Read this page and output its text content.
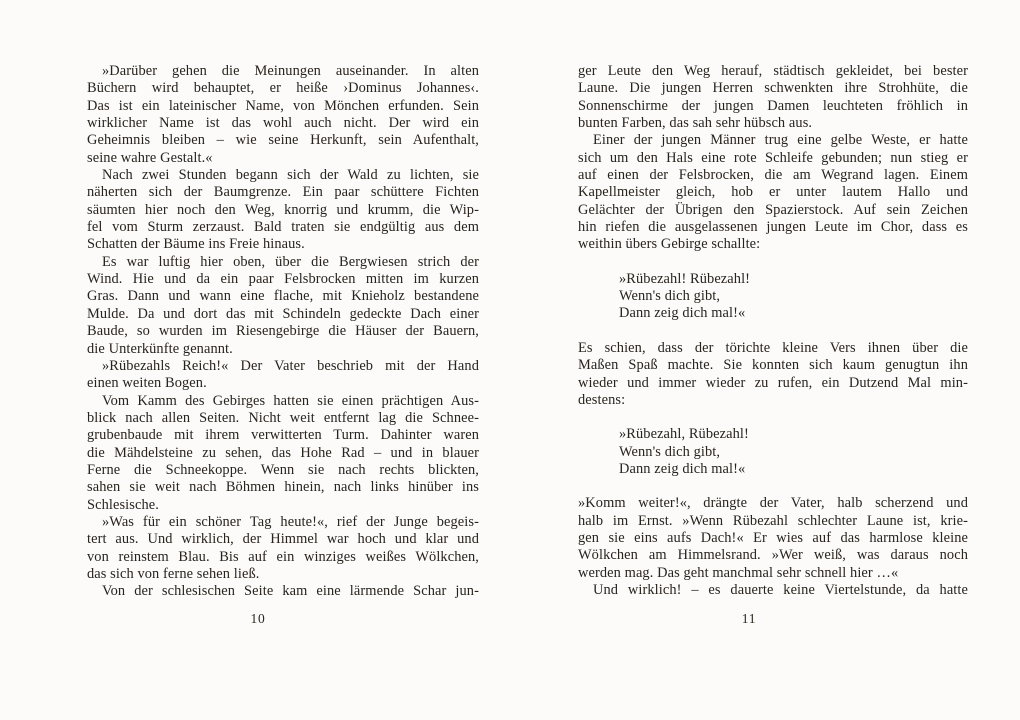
»Darüber gehen die Meinungen auseinander. In alten
Büchern wird behauptet, er heiße ›Dominus Johannes‹.
Das ist ein lateinischer Name, von Mönchen erfunden. Sein
wirklicher Name ist das wohl auch nicht. Der wird ein
Geheimnis bleiben – wie seine Herkunft, sein Aufenthalt,
seine wahre Gestalt.«
Nach zwei Stunden begann sich der Wald zu lichten, sie
näherten sich der Baumgrenze. Ein paar schüttere Fichten
säumten hier noch den Weg, knorrig und krumm, die Wip-
fel vom Sturm zerzaust. Bald traten sie endgültig aus dem
Schatten der Bäume ins Freie hinaus.
Es war luftig hier oben, über die Bergwiesen strich der
Wind. Hie und da ein paar Felsbrocken mitten im kurzen
Gras. Dann und wann eine flache, mit Knieholz bestandene
Mulde. Da und dort das mit Schindeln gedeckte Dach einer
Baude, so wurden im Riesengebirge die Häuser der Bauern,
die Unterkünfte genannt.
»Rübezahls Reich!« Der Vater beschrieb mit der Hand
einen weiten Bogen.
Vom Kamm des Gebirges hatten sie einen prächtigen Aus-
blick nach allen Seiten. Nicht weit entfernt lag die Schnee-
grubenbaude mit ihrem verwitterten Turm. Dahinter waren
die Mähdelsteine zu sehen, das Hohe Rad – und in blauer
Ferne die Schneekoppe. Wenn sie nach rechts blickten,
sahen sie weit nach Böhmen hinein, nach links hinüber ins
Schlesische.
»Was für ein schöner Tag heute!«, rief der Junge begeis-
tert aus. Und wirklich, der Himmel war hoch und klar und
von reinstem Blau. Bis auf ein winziges weißes Wölkchen,
das sich von ferne sehen ließ.
Von der schlesischen Seite kam eine lärmende Schar jun-
10
ger Leute den Weg herauf, städtisch gekleidet, bei bester
Laune. Die jungen Herren schwenkten ihre Strohhüte, die
Sonnenschirme der jungen Damen leuchteten fröhlich in
bunten Farben, das sah sehr hübsch aus.
Einer der jungen Männer trug eine gelbe Weste, er hatte
sich um den Hals eine rote Schleife gebunden; nun stieg er
auf einen der Felsbrocken, die am Wegrand lagen. Einem
Kapellmeister gleich, hob er unter lautem Hallo und
Gelächter der Übrigen den Spazierstock. Auf sein Zeichen
hin riefen die ausgelassenen jungen Leute im Chor, dass es
weithin übers Gebirge schallte:
»Rübezahl! Rübezahl!
Wenn's dich gibt,
Dann zeig dich mal!«
Es schien, dass der törichte kleine Vers ihnen über die
Maßen Spaß machte. Sie konnten sich kaum genugtun ihn
wieder und immer wieder zu rufen, ein Dutzend Mal min-
destens:
»Rübezahl, Rübezahl!
Wenn's dich gibt,
Dann zeig dich mal!«
»Komm weiter!«, drängte der Vater, halb scherzend und
halb im Ernst. »Wenn Rübezahl schlechter Laune ist, krie-
gen sie eins aufs Dach!« Er wies auf das harmlose kleine
Wölkchen am Himmelsrand. »Wer weiß, was daraus noch
werden mag. Das geht manchmal sehr schnell hier …«
Und wirklich! – es dauerte keine Viertelstunde, da hatte
11
